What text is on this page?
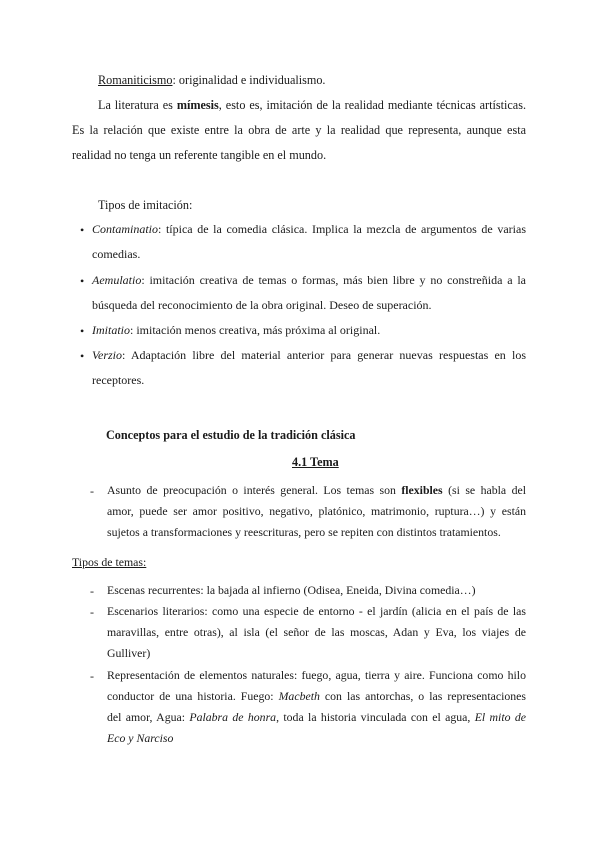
Romaniticismo: originalidad e individualismo.
La literatura es mímesis, esto es, imitación de la realidad mediante técnicas artísticas.
Es la relación que existe entre la obra de arte y la realidad que representa, aunque esta
realidad no tenga un referente tangible en el mundo.
Tipos de imitación:
• Contaminatio: típica de la comedia clásica. Implica la mezcla de argumentos de varias
comedias.
• Aemulatio: imitación creativa de temas o formas, más bien libre y no constreñida a la
búsqueda del reconocimiento de la obra original. Deseo de superación.
• Imitatio: imitación menos creativa, más próxima al original.
• Verzio: Adaptación libre del material anterior para generar nuevas respuestas en los
receptores.
Conceptos para el estudio de la tradición clásica
4.1 Tema
- Asunto de preocupación o interés general. Los temas son flexibles (si se habla del
amor, puede ser amor positivo, negativo, platónico, matrimonio, ruptura…) y están
sujetos a transformaciones y reescrituras, pero se repiten con distintos tratamientos.
Tipos de temas:
- Escenas recurrentes: la bajada al infierno (Odisea, Eneida, Divina comedia…)
- Escenarios literarios: como una especie de entorno - el jardín (alicia en el país de las
maravillas, entre otras), al isla (el señor de las moscas, Adan y Eva, los viajes de
Gulliver)
- Representación de elementos naturales: fuego, agua, tierra y aire. Funciona como hilo
conductor de una historia. Fuego: Macbeth con las antorchas, o las representaciones
del amor, Agua: Palabra de honra, toda la historia vinculada con el agua, El mito de
Eco y Narciso
